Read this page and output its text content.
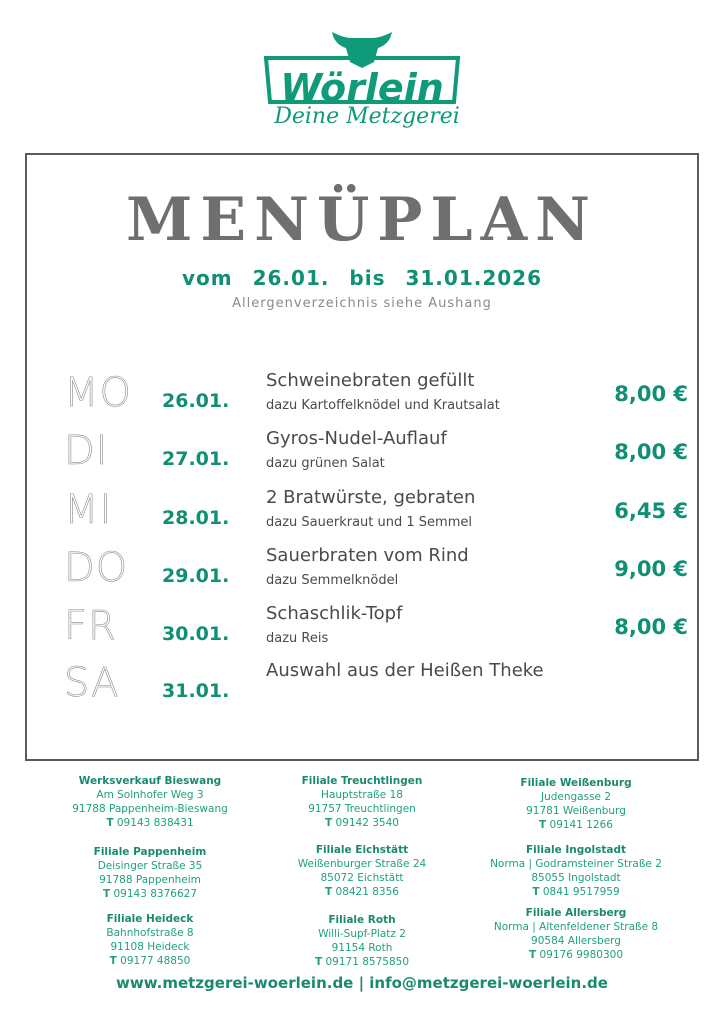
Wörlein
Deine Metzgerei
MENÜPLAN
vom 26.01. bis 31.01.2026
Allergenverzeichnis siehe Aushang
MO 26.01.
Schweinebraten gefüllt
dazu Kartoffelknödel und Krautsalat	8,00 €
DI	27.01.
Gyros-Nudel-Auflauf
dazu grünen Salat	8,00 €
MI	28.01.
2 Bratwürste, gebraten
dazu Sauerkraut und 1 Semmel	6,45 €
DO 29.01.
Sauerbraten vom Rind
dazu Semmelknödel	9,00 €
FR 30.01.
Schaschlik-Topf
dazu Reis	8,00 €
SA 31.01.
Auswahl aus der Heißen Theke
Werksverkauf Bieswang
Am Solnhofer Weg 3
91788 Pappenheim-Bieswang
T 09143 838431
Filiale Treuchtlingen
Hauptstraße 18
91757 Treuchtlingen
T 09142 3540
Filiale Weißenburg
Judengasse 2
91781 Weißenburg
T 09141 1266
Filiale Pappenheim
Deisinger Straße 35
91788 Pappenheim
T 09143 8376627
Filiale Eichstätt
Weißenburger Straße 24
85072 Eichstätt
T 08421 8356
Filiale Ingolstadt
Norma | Godramsteiner Straße 2
85055 Ingolstadt
T 0841 9517959
Filiale Heideck
Bahnhofstraße 8
91108 Heideck
T 09177 48850
Filiale Roth
Willi-Supf-Platz 2
91154 Roth
T 09171 8575850
Filiale Allersberg
Norma | Altenfeldener Straße 8
90584 Allersberg
T 09176 9980300
www.metzgerei-woerlein.de | info@metzgerei-woerlein.de
